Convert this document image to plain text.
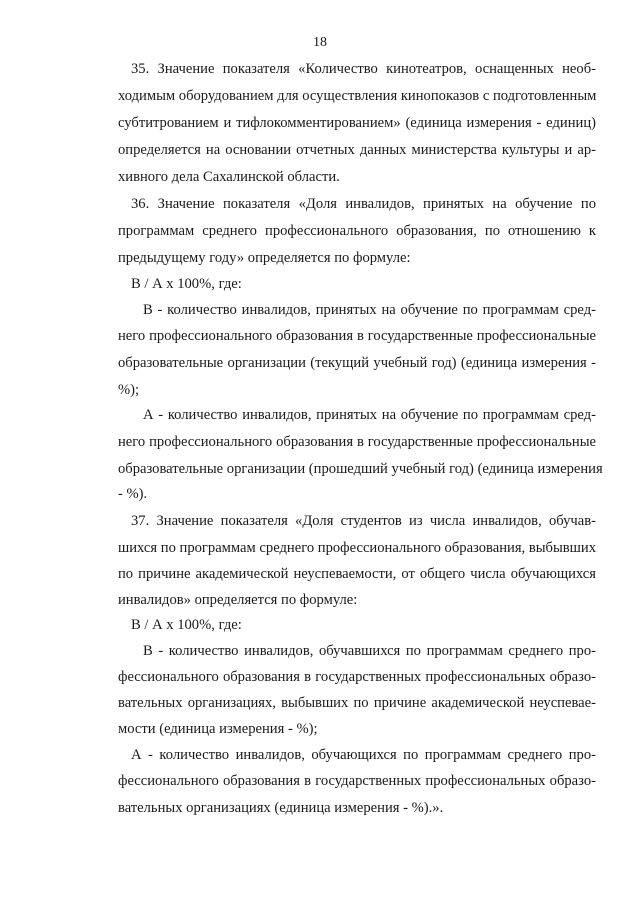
18
35. Значение показателя «Количество кинотеатров, оснащенных необ-
ходимым оборудованием для осуществления кинопоказов с подготовленным
субтитрованием и тифлокомментированием» (единица измерения - единиц)
определяется на основании отчетных данных министерства культуры и ар-
хивного дела Сахалинской области.
36. Значение показателя «Доля инвалидов, принятых на обучение по
программам среднего профессионального образования, по отношению к
предыдущему году» определяется по формуле:
В / А х 100%, где:
В - количество инвалидов, принятых на обучение по программам сред-
него профессионального образования в государственные профессиональные
образовательные организации (текущий учебный год) (единица измерения -
%);
А - количество инвалидов, принятых на обучение по программам сред-
него профессионального образования в государственные профессиональные
образовательные организации (прошедший учебный год) (единица измерения
- %).
37. Значение показателя «Доля студентов из числа инвалидов, обучав-
шихся по программам среднего профессионального образования, выбывших
по причине академической неуспеваемости, от общего числа обучающихся
инвалидов» определяется по формуле:
В / А х 100%, где:
В - количество инвалидов, обучавшихся по программам среднего про-
фессионального образования в государственных профессиональных образо-
вательных организациях, выбывших по причине академической неуспевае-
мости (единица измерения - %);
А - количество инвалидов, обучающихся по программам среднего про-
фессионального образования в государственных профессиональных образо-
вательных организациях (единица измерения - %).».
